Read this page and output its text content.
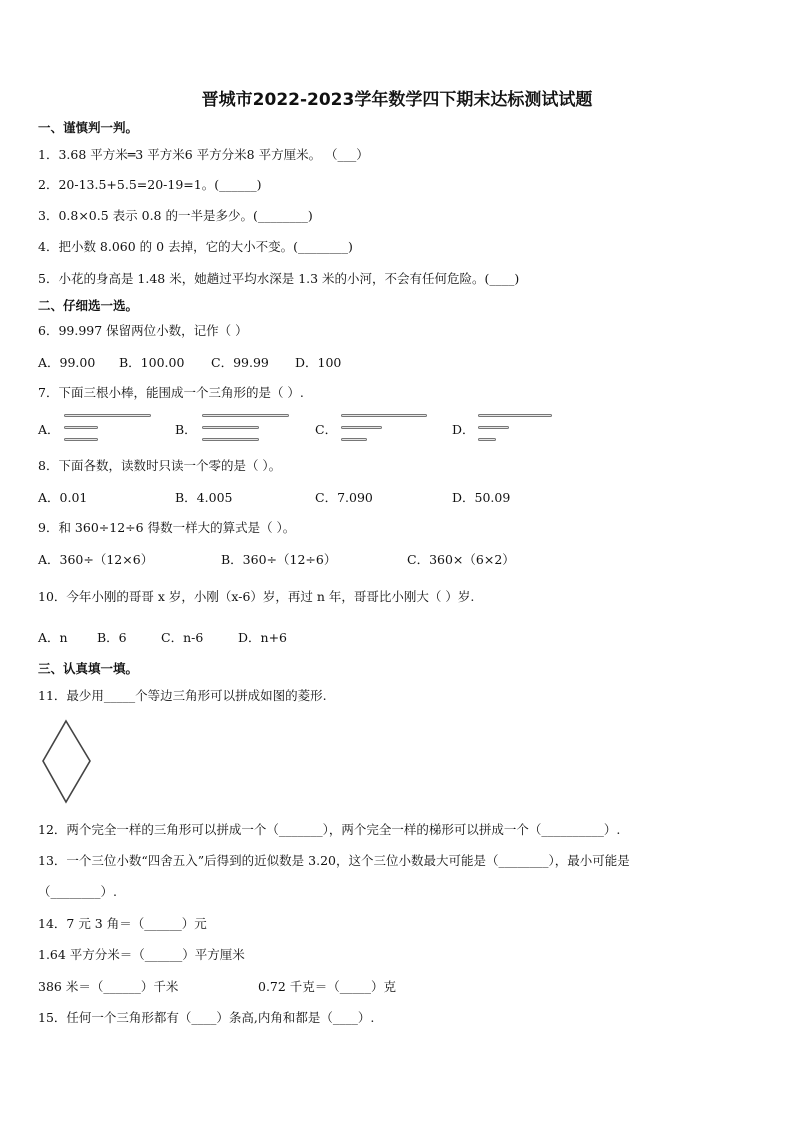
晋城市2022-2023学年数学四下期末达标测试试题
一、谨慎判一判。
1．3.68 平方米═3 平方米6 平方分米8 平方厘米。 （___）
2．20-13.5+5.5=20-19=1。(______)
3．0.8×0.5 表示 0.8 的一半是多少。(________)
4．把小数 8.060 的 0 去掉，它的大小不变。(________)
5．小花的身高是 1.48 米，她趟过平均水深是 1.3 米的小河，不会有任何危险。(____)
二、仔细选一选。
6．99.997 保留两位小数，记作（ ）
A．99.00 B．100.00 C．99.99 D．100
7．下面三根小棒，能围成一个三角形的是（ ）.
A．	B．	C．	D．
8．下面各数，读数时只读一个零的是（ ）。
A．0.01	B．4.005	C．7.090	D．50.09
9．和 360÷12÷6 得数一样大的算式是（ ）。
A．360÷（12×6）	B．360÷（12÷6）	C．360×（6×2）
10．今年小刚的哥哥 x 岁，小刚（x-6）岁，再过 n 年，哥哥比小刚大（ ）岁.
A．n B．6	C．n-6	D．n+6
三、认真填一填。
11．最少用_____个等边三角形可以拼成如图的菱形.
12．两个完全一样的三角形可以拼成一个（_______），两个完全一样的梯形可以拼成一个（__________）.
13．一个三位小数“四舍五入”后得到的近似数是 3.20，这个三位小数最大可能是（________），最小可能是
（________）.
14．7 元 3 角＝（______）元
1.64 平方分米＝（______）平方厘米
386 米＝（______）千米	0.72 千克＝（_____）克
15．任何一个三角形都有（____）条高,内角和都是（____）.
